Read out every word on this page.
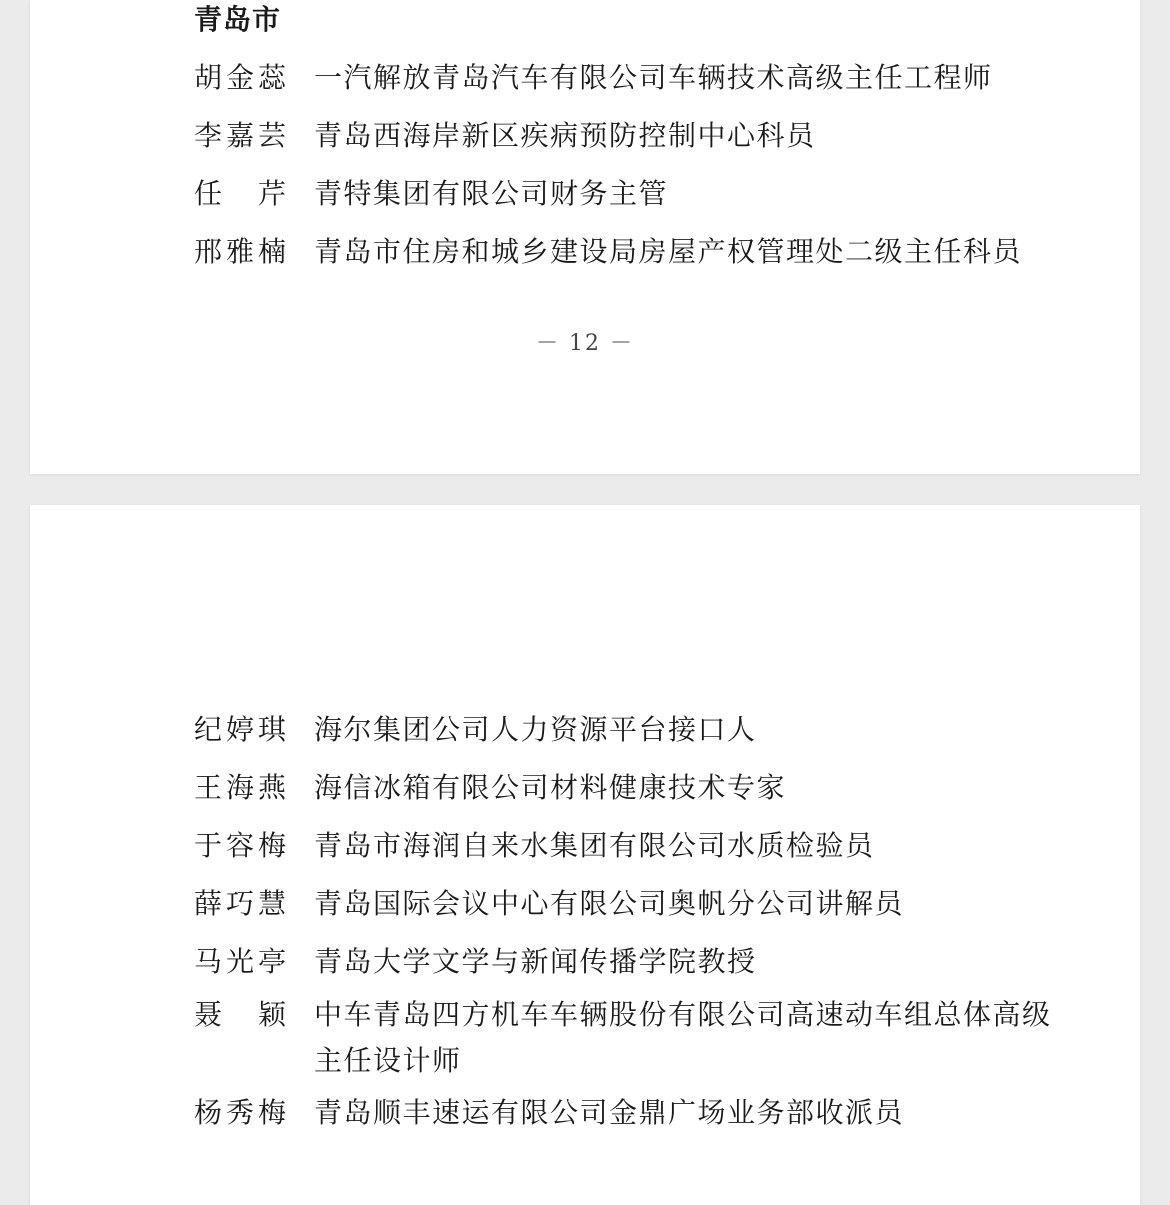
青岛市
胡 金 蕊 一汽解放青岛汽车有限公司车辆技术高级主任工程师
李 嘉 芸 青岛西海岸新区疾病预防控制中心科员
任 芹 青特集团有限公司财务主管
邢 雅 楠 青岛市住房和城乡建设局房屋产权管理处二级主任科员
－ 12 －
纪 婷 琪 海尔集团公司人力资源平台接口人
王 海 燕 海信冰箱有限公司材料健康技术专家
于 容 梅 青岛市海润自来水集团有限公司水质检验员
薛 巧 慧 青岛国际会议中心有限公司奥帆分公司讲解员
马 光 亭 青岛大学文学与新闻传播学院教授
聂 颖 中车青岛四方机车车辆股份有限公司高速动车组总体高级主任设计师
杨 秀 梅 青岛顺丰速运有限公司金鼎广场业务部收派员
